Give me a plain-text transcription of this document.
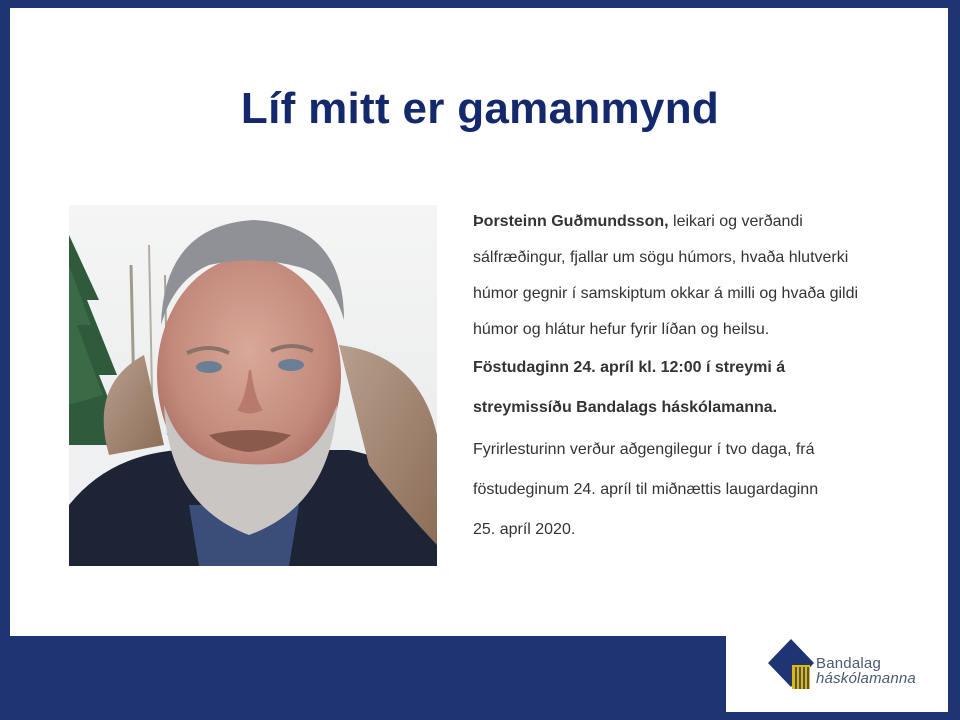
Líf mitt er gamanmynd
Þorsteinn Guðmundsson, leikari og verðandi
sálfræðingur, fjallar um sögu húmors, hvaða hlutverki
húmor gegnir í samskiptum okkar á milli og hvaða gildi
húmor og hlátur hefur fyrir líðan og heilsu.
Föstudaginn 24. apríl kl. 12:00 í streymi á
streymissíðu Bandalags háskólamanna.
Fyrirlesturinn verður aðgengilegur í tvo daga, frá
föstudeginum 24. apríl til miðnættis laugardaginn
25. apríl 2020.
Bandalag
háskólamanna
